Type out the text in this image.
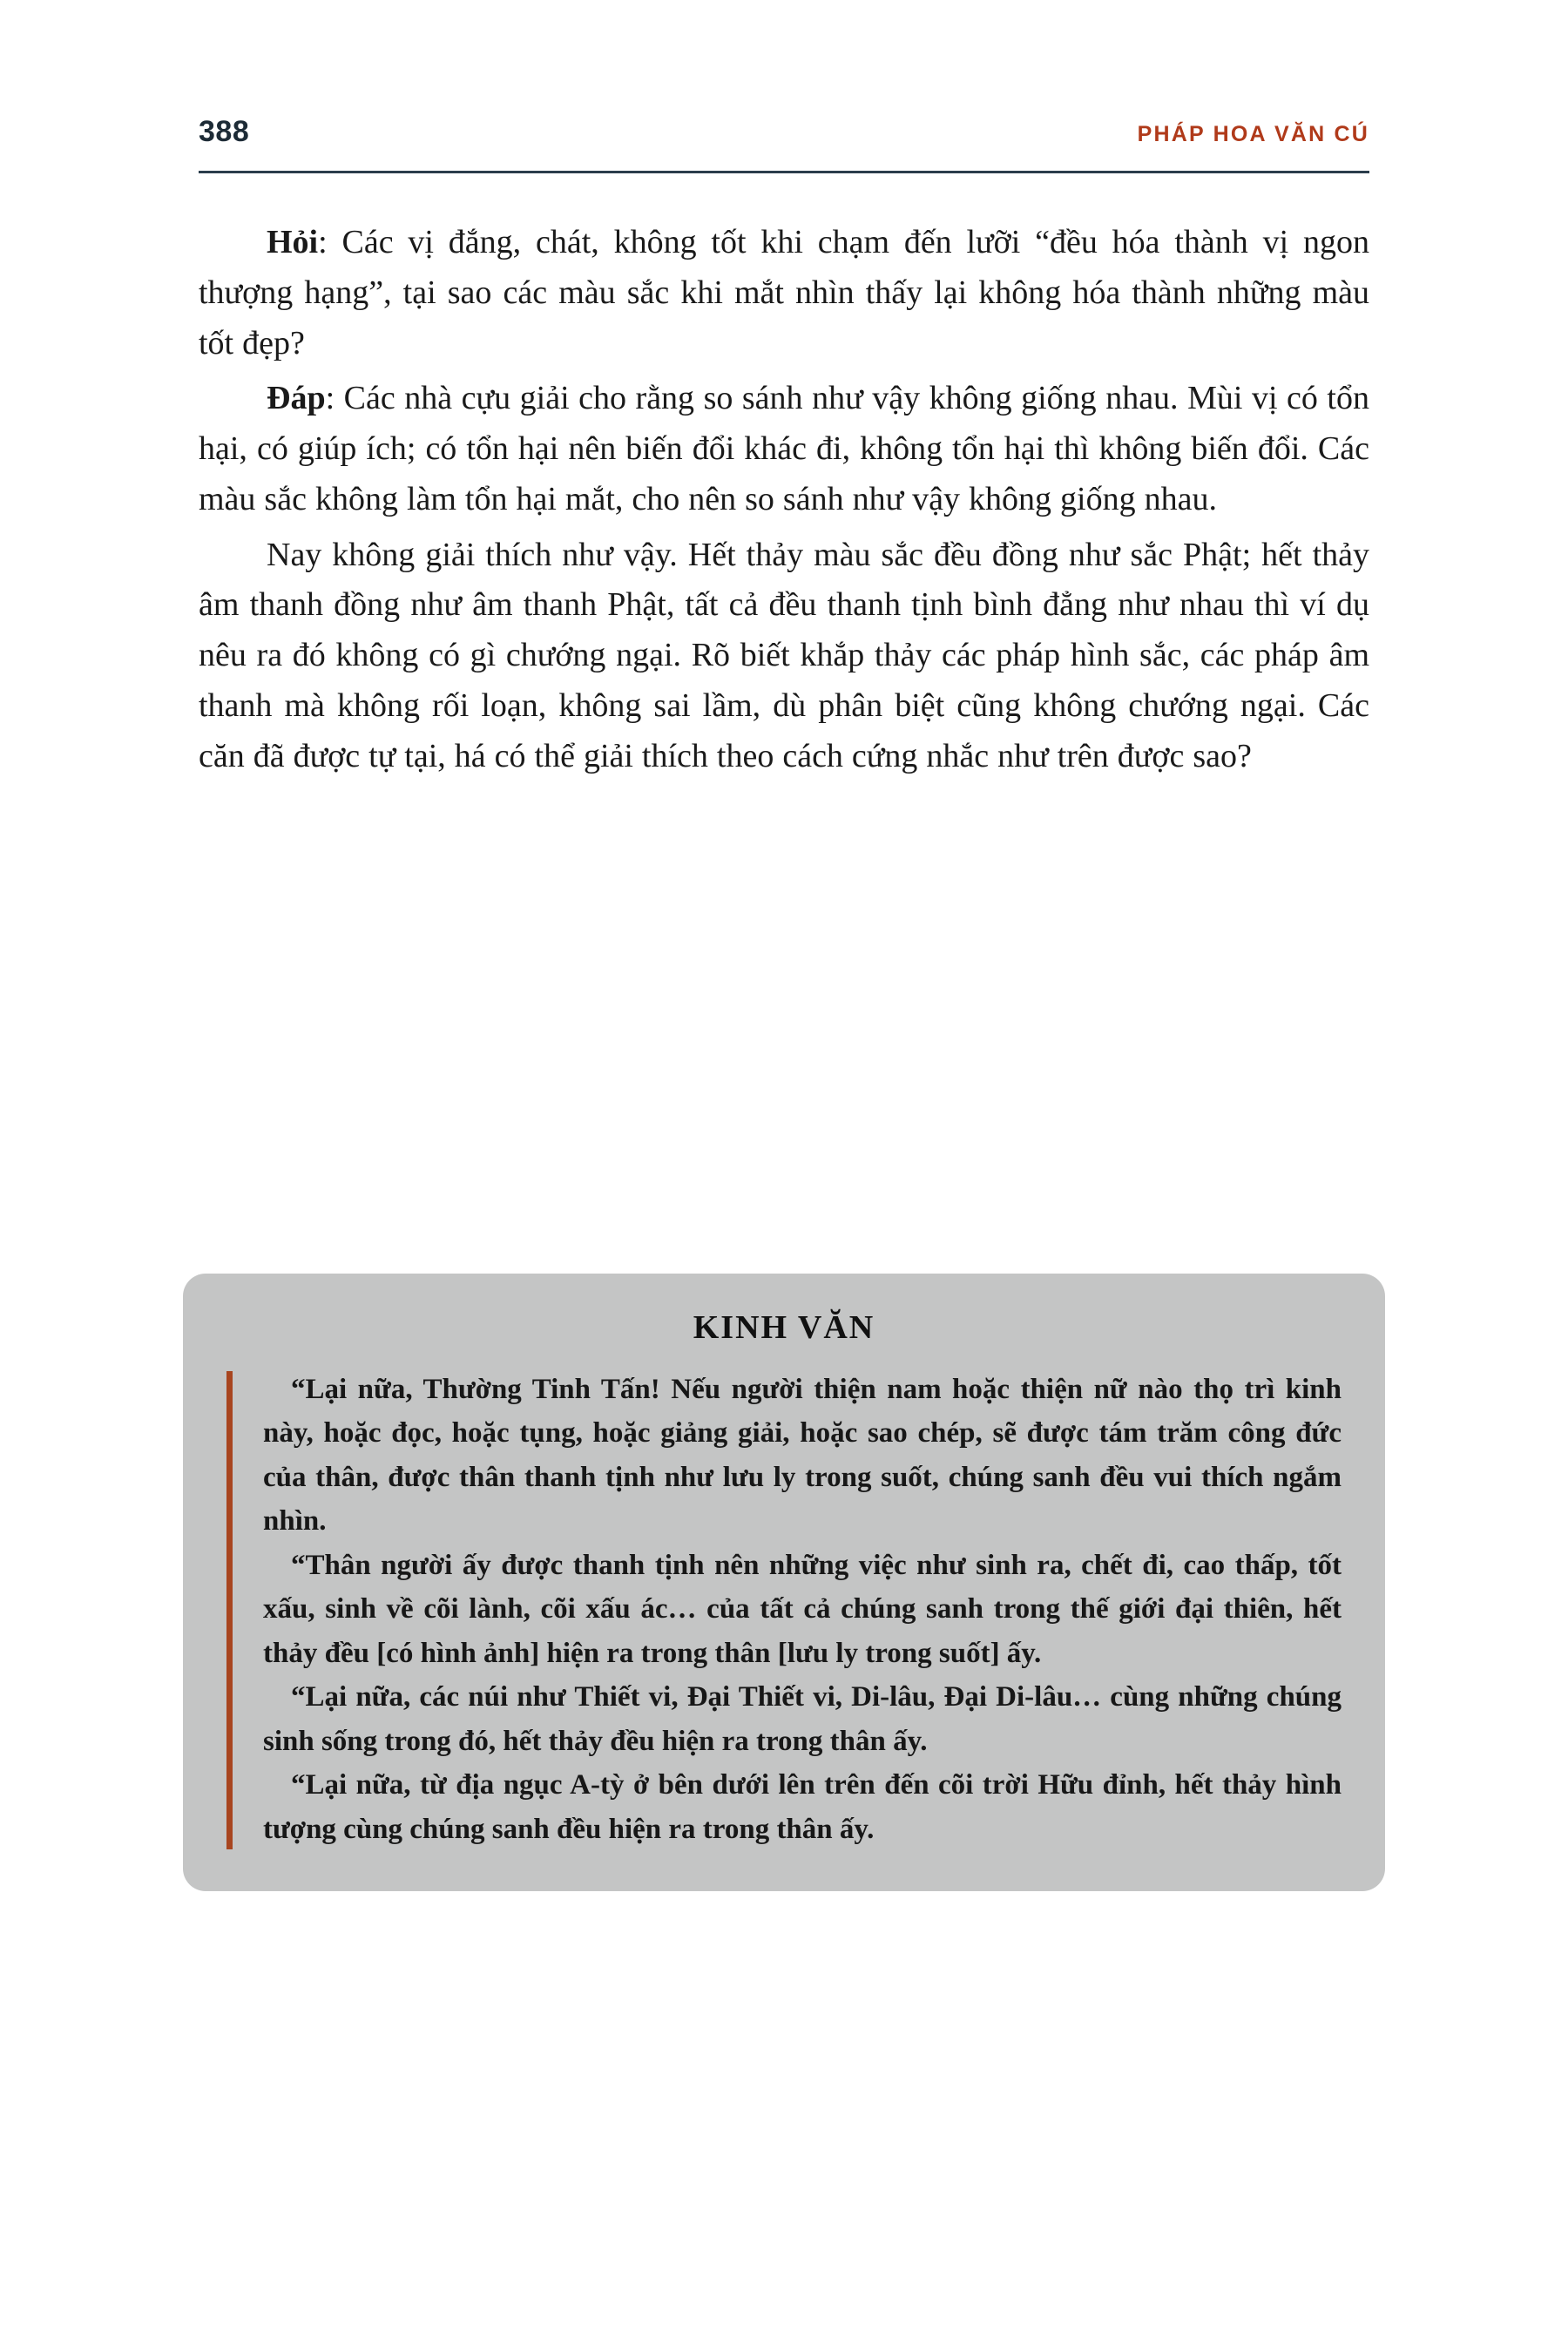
388	PHÁP HOA VĂN CÚ

Hỏi: Các vị đắng, chát, không tốt khi chạm đến lưỡi “đều hóa thành vị ngon thượng hạng”, tại sao các màu sắc khi mắt nhìn thấy lại không hóa thành những màu tốt đẹp?

Đáp: Các nhà cựu giải cho rằng so sánh như vậy không giống nhau. Mùi vị có tổn hại, có giúp ích; có tổn hại nên biến đổi khác đi, không tổn hại thì không biến đổi. Các màu sắc không làm tổn hại mắt, cho nên so sánh như vậy không giống nhau.

Nay không giải thích như vậy. Hết thảy màu sắc đều đồng như sắc Phật; hết thảy âm thanh đồng như âm thanh Phật, tất cả đều thanh tịnh bình đẳng như nhau thì ví dụ nêu ra đó không có gì chướng ngại. Rõ biết khắp thảy các pháp hình sắc, các pháp âm thanh mà không rối loạn, không sai lầm, dù phân biệt cũng không chướng ngại. Các căn đã được tự tại, há có thể giải thích theo cách cứng nhắc như trên được sao?

KINH VĂN

“Lại nữa, Thường Tinh Tấn! Nếu người thiện nam hoặc thiện nữ nào thọ trì kinh này, hoặc đọc, hoặc tụng, hoặc giảng giải, hoặc sao chép, sẽ được tám trăm công đức của thân, được thân thanh tịnh như lưu ly trong suốt, chúng sanh đều vui thích ngắm nhìn.

“Thân người ấy được thanh tịnh nên những việc như sinh ra, chết đi, cao thấp, tốt xấu, sinh về cõi lành, cõi xấu ác… của tất cả chúng sanh trong thế giới đại thiên, hết thảy đều [có hình ảnh] hiện ra trong thân [lưu ly trong suốt] ấy.

“Lại nữa, các núi như Thiết vi, Đại Thiết vi, Di-lâu, Đại Di-lâu… cùng những chúng sinh sống trong đó, hết thảy đều hiện ra trong thân ấy.

“Lại nữa, từ địa ngục A-tỳ ở bên dưới lên trên đến cõi trời Hữu đỉnh, hết thảy hình tượng cùng chúng sanh đều hiện ra trong thân ấy.
